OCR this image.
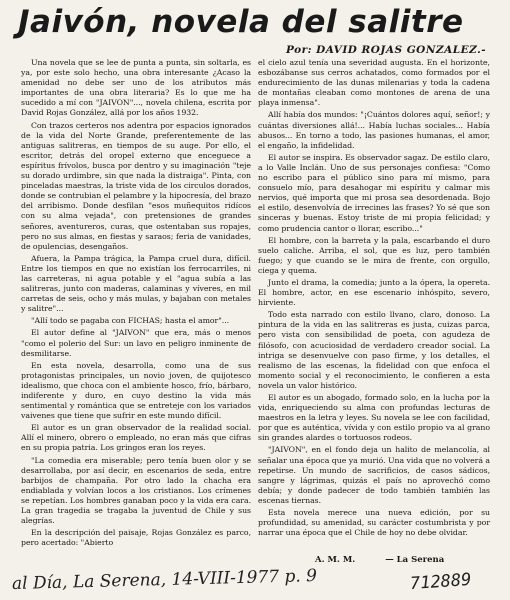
Jaivón, novela del salitre
Por: DAVID ROJAS GONZALEZ.-

Una novela que se lee de punta a punta, sin soltarla, es ya, por este solo hecho, una obra interesante ¿Acaso la amenidad no debe ser uno de los atributos más importantes de una obra literaria? Es lo que me ha sucedido a mí con "JAIVON"..., novela chilena, escrita por David Rojas González, allá por los años 1932.

Con trazos certeros nos adentra por espacios ignorados de la vida del Norte Grande, preferentemente de las antiguas salitreras, en tiempos de su auge. Por ello, el escritor, detrás del oropel externo que enceguece a espíritus frívolos, busca por dentro y su imaginación "teje su dorado urdimbre, sin que nada la distraiga". Pinta, con pinceladas maestras, la triste vida de los circulos dorados, donde se contrubian el pelambre y la hipocresía, del brazo del arribismo. Donde desfilan "esos muñequitos ridícos con su alma vejada", con pretensiones de grandes señores, aventureros, curas, que ostentaban sus ropajes, pero no sus almas, en fiestas y saraos; feria de vanidades, de opulencias, desengaños.

Afuera, la Pampa trágica, la Pampa cruel dura, difícil. Entre los tiempos en que no existían los ferrocarriles, ni las carreteras, ni agua potable y el "agua subía a las salitreras, junto con maderas, calaminas y víveres, en mil carretas de seis, ocho y más mulas, y bajaban con metales y salitre"...

"Allí todo se pagaba con FICHAS; hasta el amor"...

El autor define al "JAIVON" que era, más o menos "como el polerio del Sur: un lavo en peligro inminente de desmilitarse.

En esta novela, desarrolla, como una de sus protagonistas principales, un novio joven, de quijotesco idealismo, que choca con el ambiente hosco, frío, bárbaro, indiferente y duro, en cuyo destino la vida más sentimental y romántica que se entreteje con los variados vaivenes que tiene que sufrir en este mundo difícil.

El autor es un gran observador de la realidad social. Allí el minero, obrero o empleado, no eran más que cifras en su propia patria. Los gringos eran los reyes.

"La comedia era miserable; pero tenía buen olor y se desarrollaba, por así decir, en escenarios de seda, entre barbijos de champaña. Por otro lado la chacha era endiablada y volvían locos a los cristianos. Los crímenes se repetían. Los hombres ganaban poco y la vida era cara. La gran tragedia se tragaba la juventud de Chile y sus alegrías.

En la descripción del paisaje, Rojas González es parco, pero acertado: "Abierto

el cielo azul tenía una severidad augusta. En el horizonte, esbozábanse sus cerros achatados, como formados por el endurecimiento de las dunas milenarias y toda la cadena de montañas cleaban como montones de arena de una playa inmensa".

Allí había dos mundos: "¡Cuántos dolores aquí, señor!; y cuántas diversiones allá!... Había luchas sociales... Había abusos... En torno a todo, las pasiones humanas, el amor, el engaño, la infidelidad.

El autor se inspira. Es observador sagaz. De estilo claro, a lo Valle Inclán. Uno de sus personajes confiesa: "Como no escribo para el público sino para mí mismo, para consuelo mío, para desahogar mi espíritu y calmar mis nervios, qué importa que mi prosa sea desordenada. Bojo el estilo, desenvolvía de irrecines las frases? Yo sé que son sinceras y buenas. Estoy triste de mi propia felicidad; y como prudencia cantor o llorar, escribo..."

El hombre, con la barreta y la pala, escarbando el duro suelo caliche. Arriba, el sol, que es luz, pero también fuego; y que cuando se le mira de frente, con orgullo, ciega y quema.

Junto el drama, la comedia; junto a la ópera, la opereta. El hombre, actor, en ese escenario inhóspito, severo, hirviente.

Todo esta narrado con estilo llvano, claro, donoso. La pintura de la vida en las salitreras es justa, cuizas parca, pero vista con sensibilidad de poeta, con agudeza de filósofo, con acuciosidad de verdadero creador social. La intriga se desenvuelve con paso firme, y los detalles, el realismo de las escenas, la fidelidad con que enfoca el momento social y el reconocimiento, le confieren a esta novela un valor histórico.

El autor es un abogado, formado solo, en la lucha por la vida, enriqueciendo su alma con profundas lecturas de maestros en la letra y leyes. Su novela se lee con facilidad, por que es auténtica, vívida y con estilo propio va al grano sin grandes alardes o tortuosos rodeos.

"JAIVON", en el fondo deja un halito de melancolía, al señalar una época que ya murió. Una vida que no volverá a repetirse. Un mundo de sacrificios, de casos sádicos, sangre y lágrimas, quizás el país no aprovechó como debía; y donde padecer de todo también también las escenas tiernas.

Esta novela merece una nueva edición, por su profundidad, su amenidad, su carácter costumbrista y por narrar una época que el Chile de hoy no debe olvidar.

A. M. M.	— La Serena
al Día, La Serena, 14-VIII-1977 p. 9	712889
